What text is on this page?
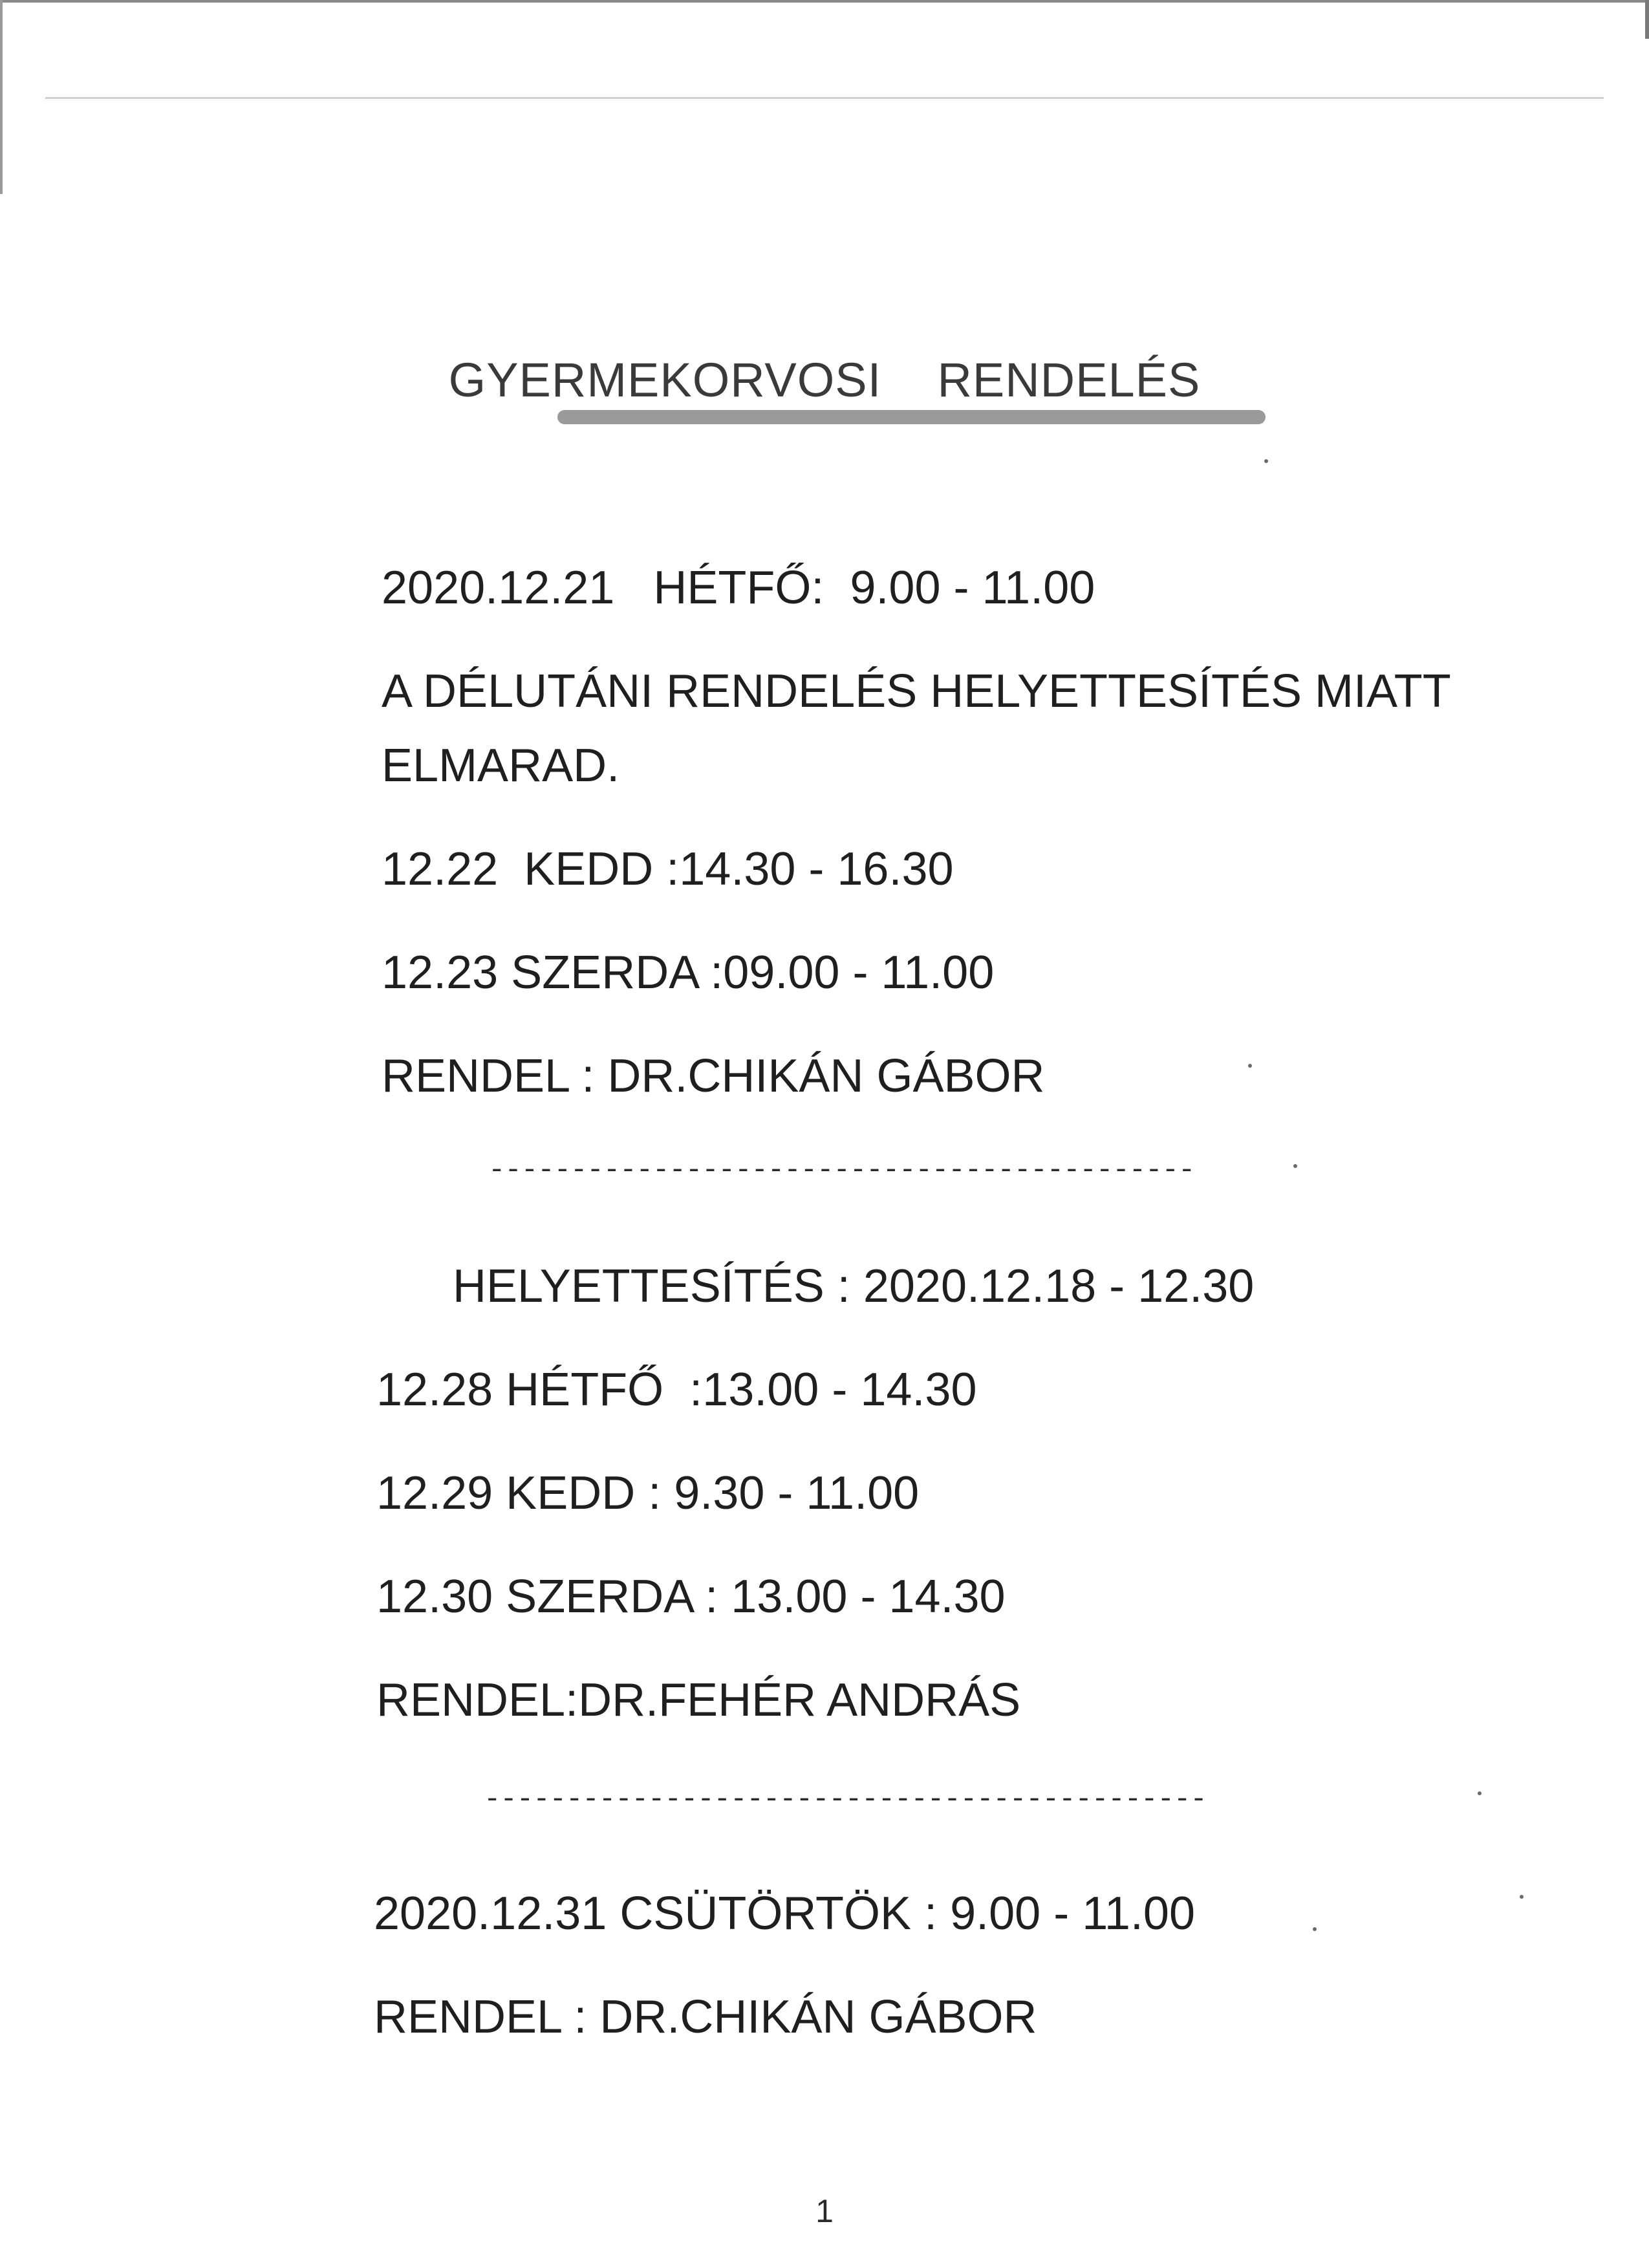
GYERMEKORVOSI    RENDELÉS
2020.12.21   HÉTFŐ:  9.00 - 11.00
A DÉLUTÁNI RENDELÉS HELYETTESÍTÉS MIATT
ELMARAD.
12.22  KEDD :14.30 - 16.30
12.23 SZERDA :09.00 - 11.00
RENDEL : DR.CHIKÁN GÁBOR
-------------------------------------------
HELYETTESÍTÉS : 2020.12.18 - 12.30
12.28 HÉTFŐ  :13.00 - 14.30
12.29 KEDD : 9.30 - 11.00
12.30 SZERDA : 13.00 - 14.30
RENDEL:DR.FEHÉR ANDRÁS
--------------------------------------------
2020.12.31 CSÜTÖRTÖK : 9.00 - 11.00
RENDEL : DR.CHIKÁN GÁBOR
1
